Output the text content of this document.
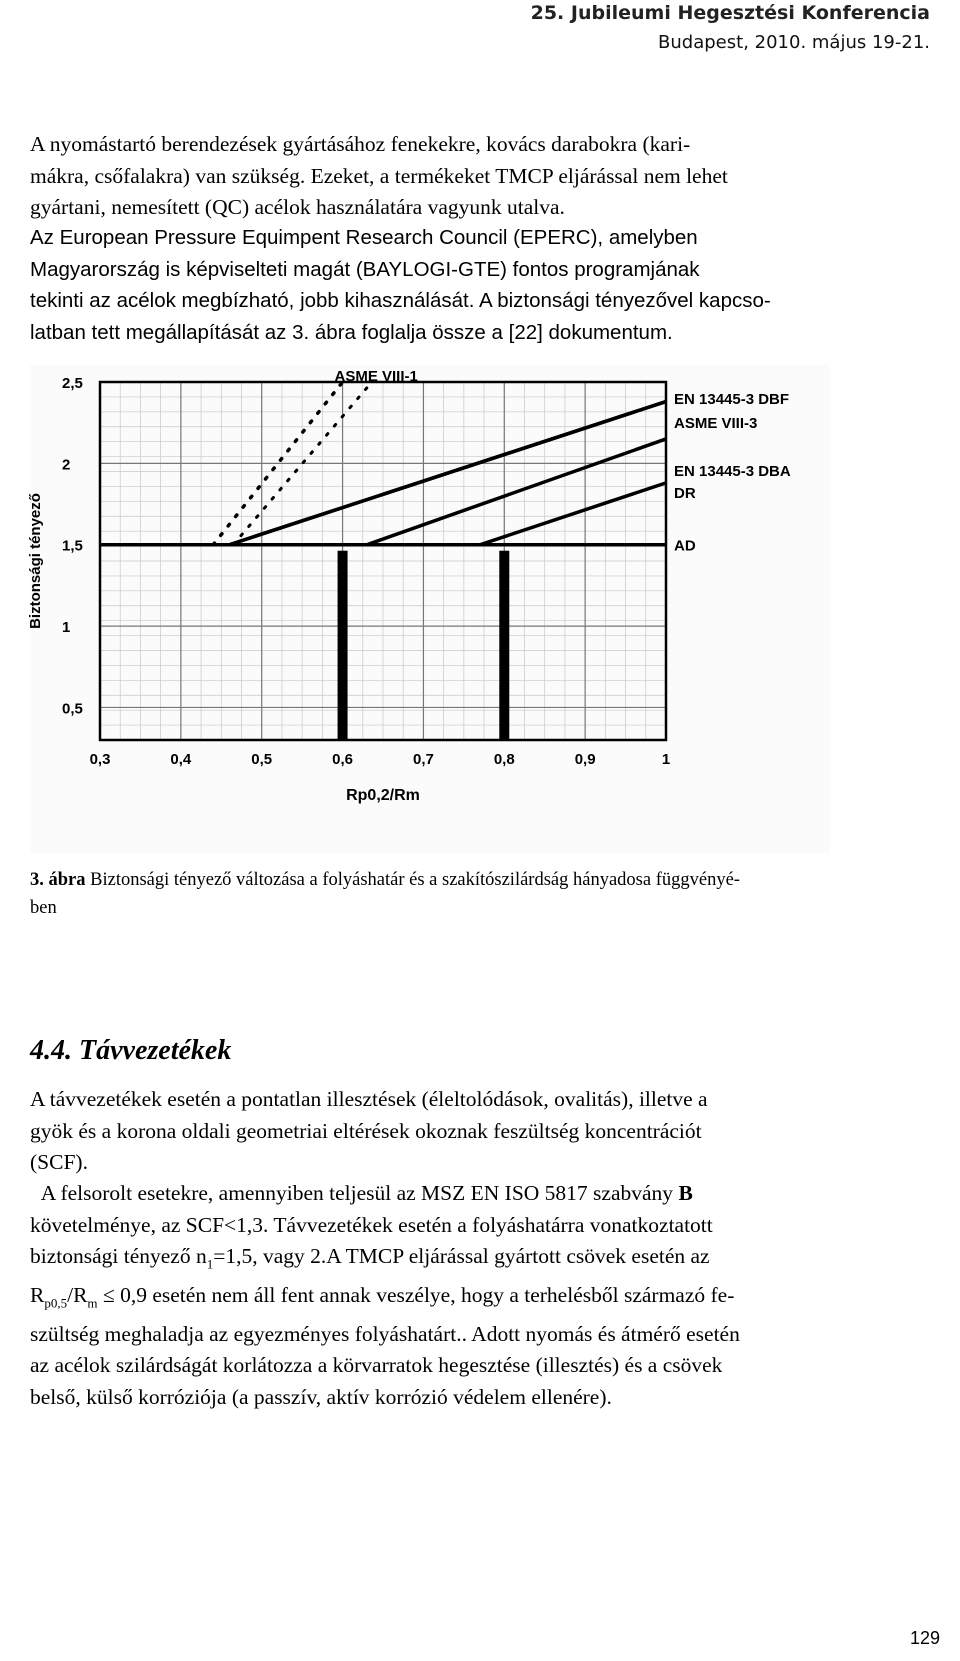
25. Jubileumi Hegesztési Konferencia
Budapest, 2010. május 19-21.
A nyomástartó berendezések gyártásához fenekekre, kovács darabokra (kari-
mákra, csőfalakra) van szükség. Ezeket, a termékeket TMCP eljárással nem lehet
gyártani, nemesített (QC) acélok használatára vagyunk utalva.
Az European Pressure Equimpent Research Council (EPERC), amelyben
Magyarország is képviselteti magát (BAYLOGI-GTE) fontos programjának
tekinti az acélok megbízható, jobb kihasználását. A biztonsági tényezővel kapcso-
latban tett megállapítását az 3. ábra foglalja össze a [22] dokumentum.
2,5
2
1,5
1
0,5
0,3	0,4	0,5	0,6	0,7	0,8	0,9	1
Rp0,2/Rm
Biztonsági tényező
ASME VIII-1
EN 13445-3 DBF
ASME VIII-3
EN 13445-3 DBA
DR
AD
3. ábra Biztonsági tényező változása a folyáshatár és a szakítószilárdság hányadosa függvényé-
ben
4.4. Távvezetékek
A távvezetékek esetén a pontatlan illesztések (éleltolódások, ovalitás), illetve a
gyök és a korona oldali geometriai eltérések okoznak feszültség koncentrációt
(SCF).
A felsorolt esetekre, amennyiben teljesül az MSZ EN ISO 5817 szabvány B
követelménye, az SCF<1,3. Távvezetékek esetén a folyáshatárra vonatkoztatott
biztonsági tényező $n_1=1,5$, vagy 2.A TMCP eljárással gyártott csövek esetén az
$R_{p0,5}/R_m \le 0,9$ esetén nem áll fent annak veszélye, hogy a terhelésből származó fe-
szültség meghaladja az egyezményes folyáshatárt.. Adott nyomás és átmérő esetén
az acélok szilárdságát korlátozza a körvarratok hegesztése (illesztés) és a csövek
belső, külső korróziója (a passzív, aktív korrózió védelem ellenére).
129
